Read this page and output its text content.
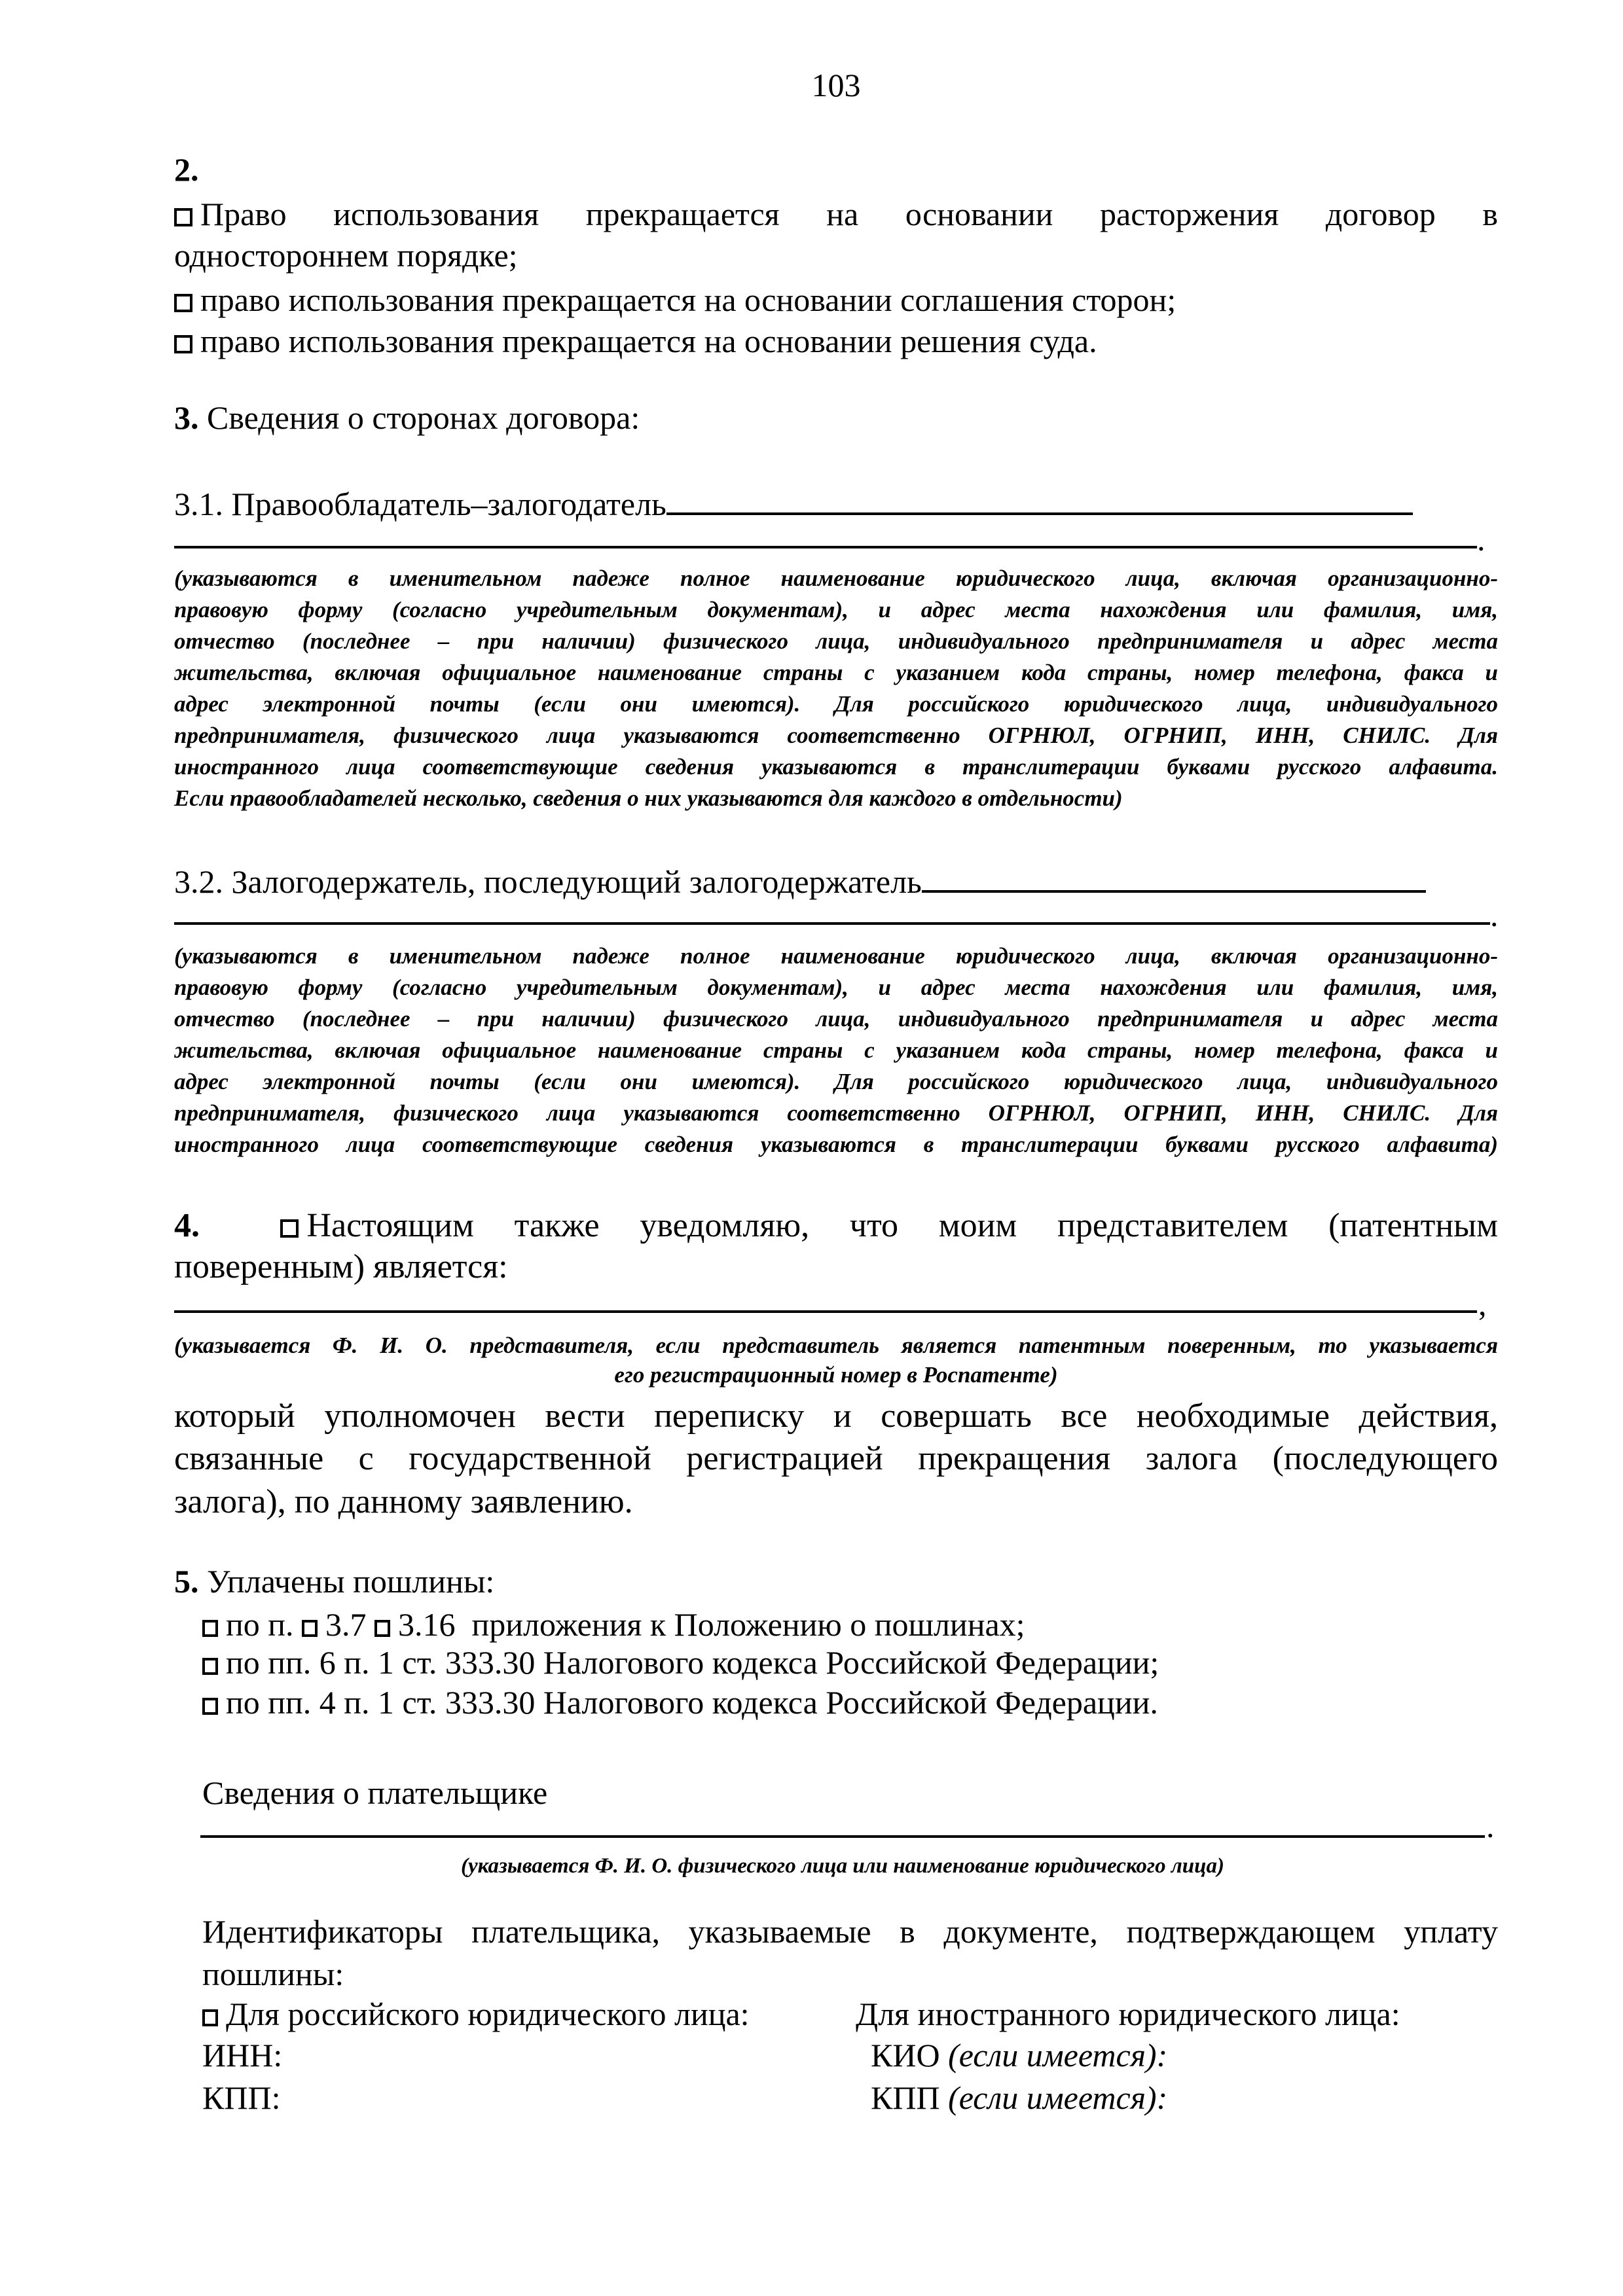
103
2.
Право использования прекращается на основании расторжения договор в
одностороннем порядке;
право использования прекращается на основании соглашения сторон;
право использования прекращается на основании решения суда.
3. Сведения о сторонах договора:
3.1. Правообладатель–залогодатель
.
(указываются в именительном падеже полное наименование юридического лица, включая организационно-
правовую форму (согласно учредительным документам), и адрес места нахождения или фамилия, имя,
отчество (последнее – при наличии) физического лица, индивидуального предпринимателя и адрес места
жительства, включая официальное наименование страны с указанием кода страны, номер телефона, факса и
адрес электронной почты (если они имеются). Для российского юридического лица, индивидуального
предпринимателя, физического лица указываются соответственно ОГРНЮЛ, ОГРНИП, ИНН, СНИЛС. Для
иностранного лица соответствующие сведения указываются в транслитерации буквами русского алфавита.
Если правообладателей несколько, сведения о них указываются для каждого в отдельности)
3.2. Залогодержатель, последующий залогодержатель
.
(указываются в именительном падеже полное наименование юридического лица, включая организационно-
правовую форму (согласно учредительным документам), и адрес места нахождения или фамилия, имя,
отчество (последнее – при наличии) физического лица, индивидуального предпринимателя и адрес места
жительства, включая официальное наименование страны с указанием кода страны, номер телефона, факса и
адрес электронной почты (если они имеются). Для российского юридического лица, индивидуального
предпринимателя, физического лица указываются соответственно ОГРНЮЛ, ОГРНИП, ИНН, СНИЛС. Для
иностранного лица соответствующие сведения указываются в транслитерации буквами русского алфавита)
4.	Настоящим также уведомляю, что моим представителем (патентным
поверенным) является:
,
(указывается Ф. И. О. представителя, если представитель является патентным поверенным, то указывается
его регистрационный номер в Роспатенте)
который уполномочен вести переписку и совершать все необходимые действия,
связанные с государственной регистрацией прекращения залога (последующего
залога), по данному заявлению.
5. Уплачены пошлины:
по п. 3.7 3.16 приложения к Положению о пошлинах;
по пп. 6 п. 1 ст. 333.30 Налогового кодекса Российской Федерации;
по пп. 4 п. 1 ст. 333.30 Налогового кодекса Российской Федерации.
Сведения о плательщике
.
(указывается Ф. И. О. физического лица или наименование юридического лица)
Идентификаторы плательщика, указываемые в документе, подтверждающем уплату
пошлины:
Для российского юридического лица:
ИНН:
КПП:
Для иностранного юридического лица:
КИО (если имеется):
КПП (если имеется):
